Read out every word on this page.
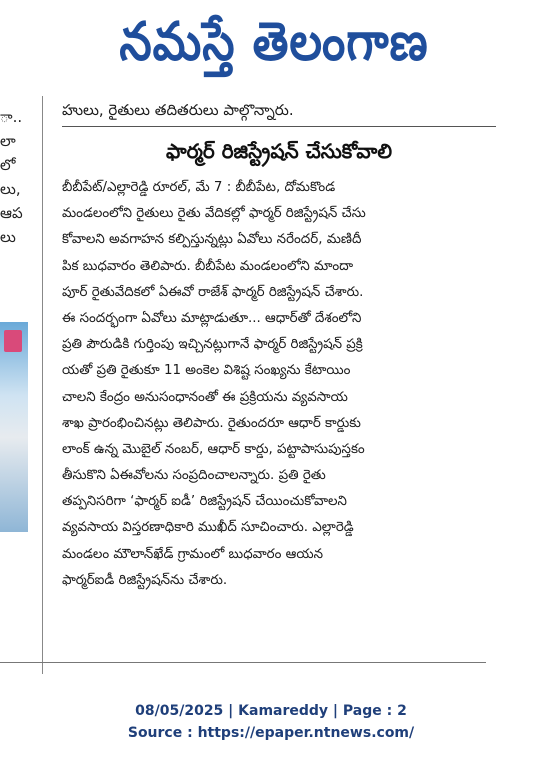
నమస్తే తెలంగాణ
ా..
లా
లో
లు,
ఆప
లు
హులు, రైతులు తదితరులు పాల్గొన్నారు.
ఫార్మర్‌ రిజిస్ట్రేషన్‌ చేసుకోవాలి
బీబీపేట్‌/ఎల్లారెడ్డి రూరల్‌, మే 7 : బీబీపేట, దోమకొండ
మండలంలోని రైతులు రైతు వేదికల్లో ఫార్మర్‌ రిజిస్ట్రేషన్‌ చేసు
కోవాలని అవగాహన కల్పిస్తున్నట్లు ఏవోలు నరేందర్‌, మణిదీ
పిక బుధవారం తెలిపారు. బీబీపేట మండలంలోని మాందా
పూర్‌ రైతువేదికలో ఏఈవో రాజేశ్‌ ఫార్మర్‌ రిజిస్ట్రేషన్‌ చేశారు.
ఈ సందర్భంగా ఏవోలు మాట్లాడుతూ... ఆధార్‌తో దేశంలోని
ప్రతి పౌరుడికి గుర్తింపు ఇచ్చినట్లుగానే ఫార్మర్‌ రిజిస్ట్రేషన్‌ ప్రక్రి
యతో ప్రతి రైతుకూ 11 అంకెల విశిష్ట సంఖ్యను కేటాయిం
చాలని కేంద్రం అనుసంధానంతో ఈ ప్రక్రియను వ్యవసాయ
శాఖ ప్రారంభించినట్లు తెలిపారు. రైతుందరూ ఆధార్‌ కార్డుకు
లాంక్‌ ఉన్న మొబైల్‌ నంబర్‌, ఆధార్‌ కార్డు, పట్టాపాసుపుస్తకం
తీసుకొని ఏఈవోలను సంప్రదించాలన్నారు. ప్రతి రైతు
తప్పనిసరిగా ‘ఫార్మర్‌ ఐడీ’ రిజిస్ట్రేషన్‌ చేయించుకోవాలని
వ్యవసాయ విస్తరణాధికారి ముఖీద్‌ సూచించారు. ఎల్లారెడ్డి
మండలం మౌలాన్‌ఖేడ్‌ గ్రామంలో బుధవారం ఆయన
ఫార్మర్‌ఐడీ రిజిస్ట్రేషన్‌ను చేశారు.
08/05/2025 | Kamareddy | Page : 2
Source : https://epaper.ntnews.com/
